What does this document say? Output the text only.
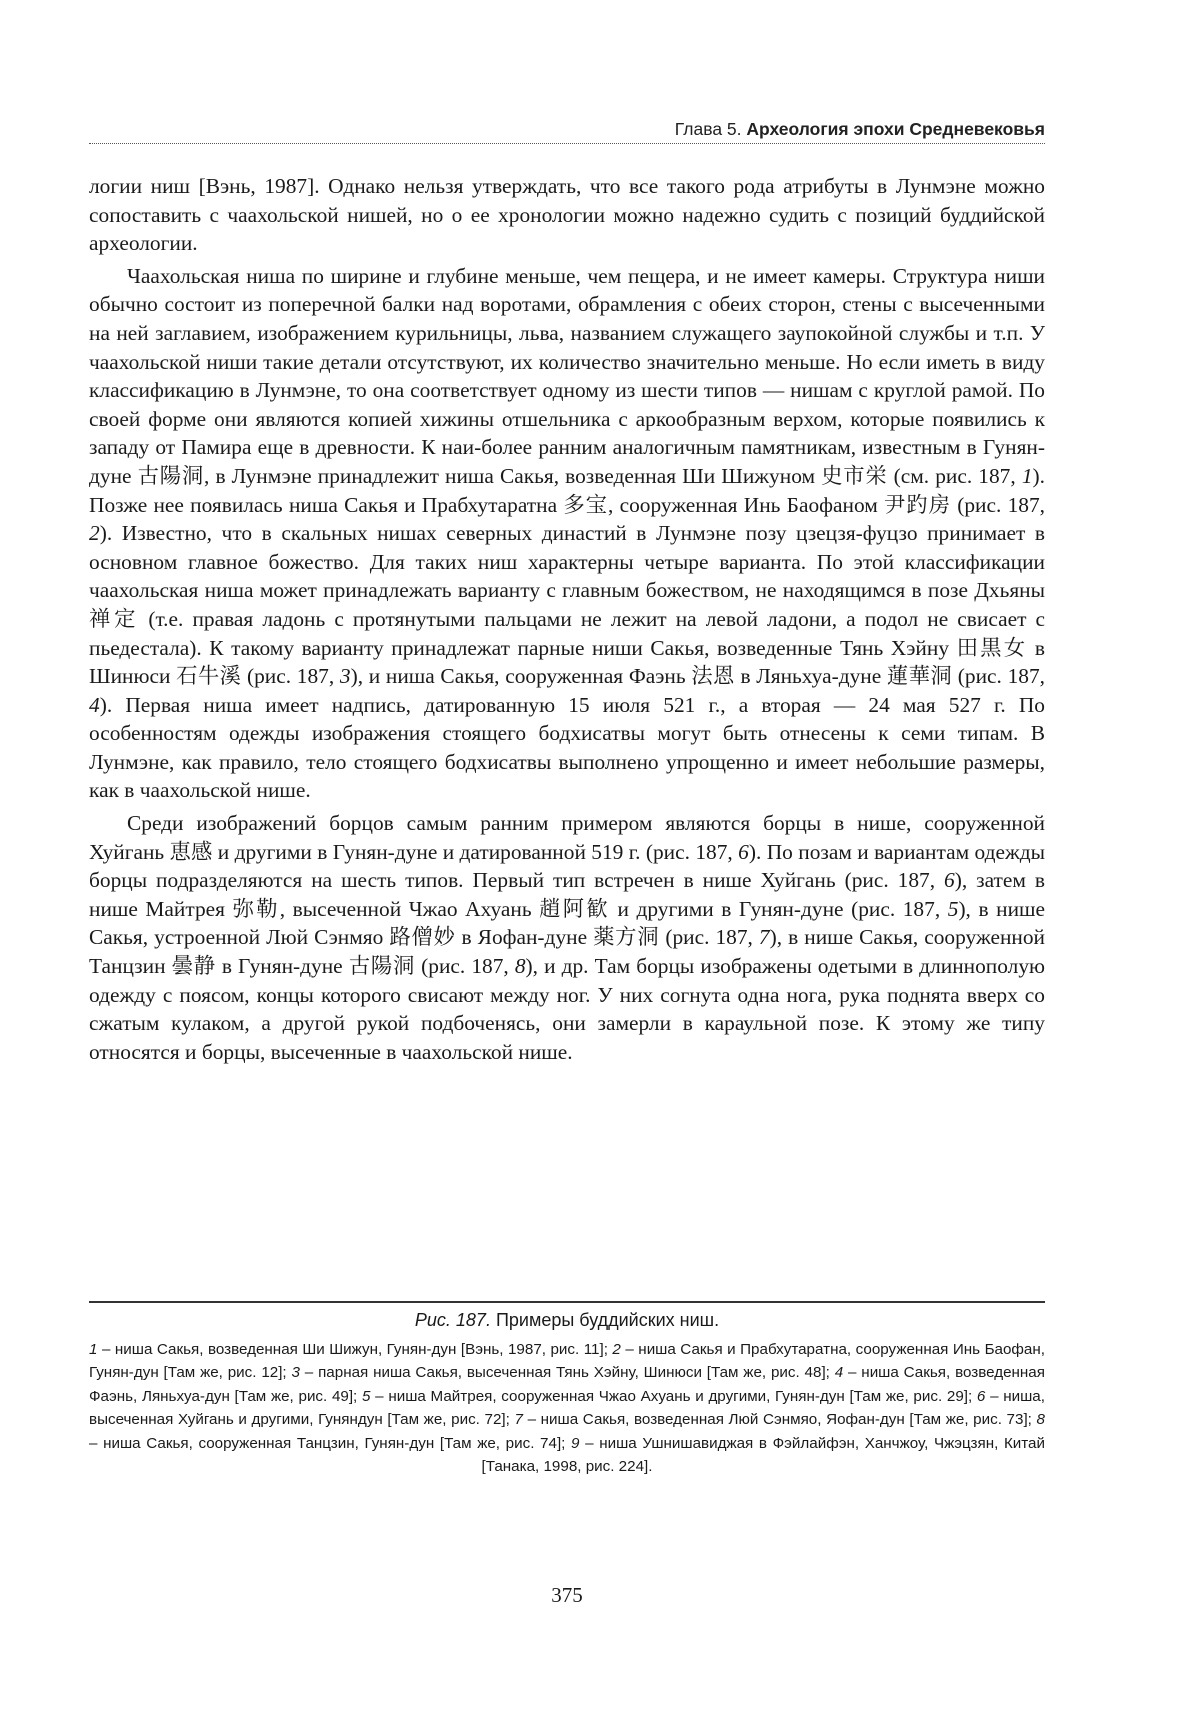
Глава 5. Археология эпохи Средневековья

логии ниш [Вэнь, 1987]. Однако нельзя утверждать, что все такого рода атрибуты в Лунмэне можно сопоставить с чаахольской нишей, но о ее хронологии можно надежно судить с позиций буддийской археологии.

Чаахольская ниша по ширине и глубине меньше, чем пещера, и не имеет камеры. Структура ниши обычно состоит из поперечной балки над воротами, обрамления с обеих сторон, стены с высеченными на ней заглавием, изображением курильницы, льва, названием служащего заупокойной службы и т.п. У чаахольской ниши такие детали отсутствуют, их количество значительно меньше. Но если иметь в виду классификацию в Лунмэне, то она соответствует одному из шести типов — нишам с круглой рамой. По своей форме они являются копией хижины отшельника с аркообразным верхом, которые появились к западу от Памира еще в древности. К наи-более ранним аналогичным памятникам, известным в Гуняндуне 古陽洞, в Лунмэне принадлежит ниша Сакья, возведенная Ши Шижуном 史市栄 (см. рис. 187, 1). Позже нее появилась ниша Сакья и Прабхутаратна 多宝, сооруженная Инь Баофаном 尹趵房 (рис. 187, 2). Известно, что в скальных нишах северных династий в Лунмэне позу цзецзя-фуцзо принимает в основном главное божество. Для таких ниш характерны четыре варианта. По этой классификации чаахольская ниша может принадлежать варианту с главным божеством, не находящимся в позе Дхьяны 禅定 (т.е. правая ладонь с протянутыми пальцами не лежит на левой ладони, а подол не свисает с пьедестала). К такому варианту принадлежат парные ниши Сакья, возведенные Тянь Хэйну 田黒女 в Шинюси 石牛溪 (рис. 187, 3), и ниша Сакья, сооруженная Фаэнь 法恩 в Ляньхуа-дуне 蓮華洞 (рис. 187, 4). Первая ниша имеет надпись, датированную 15 июля 521 г., а вторая — 24 мая 527 г. По особенностям одежды изображения стоящего бодхисатвы могут быть отнесены к семи типам. В Лунмэне, как правило, тело стоящего бодхисатвы выполнено упрощенно и имеет небольшие размеры, как в чаахольской нише.

Среди изображений борцов самым ранним примером являются борцы в нише, сооруженной Хуйгань 恵感 и другими в Гунян-дуне и датированной 519 г. (рис. 187, 6). По позам и вариантам одежды борцы подразделяются на шесть типов. Первый тип встречен в нише Хуйгань (рис. 187, 6), затем в нише Майтрея 弥勒, высеченной Чжао Ахуань 趙阿歓 и другими в Гунян-дуне (рис. 187, 5), в нише Сакья, устроенной Люй Сэнмяо 路僧妙 в Яофан-дуне 薬方洞 (рис. 187, 7), в нише Сакья, сооруженной Танцзин 曇静 в Гунян-дуне 古陽洞 (рис. 187, 8), и др. Там борцы изображены одетыми в длиннополую одежду с поясом, концы которого свисают между ног. У них согнута одна нога, рука поднята вверх со сжатым кулаком, а другой рукой подбоченясь, они замерли в караульной позе. К этому же типу относятся и борцы, высеченные в чаахольской нише.

Рис. 187. Примеры буддийских ниш.

1 – ниша Сакья, возведенная Ши Шижун, Гунян-дун [Вэнь, 1987, рис. 11]; 2 – ниша Сакья и Прабхутаратна, сооруженная Инь Баофан, Гунян-дун [Там же, рис. 12]; 3 – парная ниша Сакья, высеченная Тянь Хэйну, Шинюси [Там же, рис. 48]; 4 – ниша Сакья, возведенная Фаэнь, Ляньхуа-дун [Там же, рис. 49]; 5 – ниша Майтрея, сооруженная Чжао Ахуань и другими, Гунян-дун [Там же, рис. 29]; 6 – ниша, высеченная Хуйгань и другими, Гуняндун [Там же, рис. 72]; 7 – ниша Сакья, возведенная Люй Сэнмяо, Яофан-дун [Там же, рис. 73]; 8 – ниша Сакья, сооруженная Танцзин, Гунян-дун [Там же, рис. 74]; 9 – ниша Ушнишавиджая в Фэйлайфэн, Ханчжоу, Чжэцзян, Китай [Танака, 1998, рис. 224].

375
